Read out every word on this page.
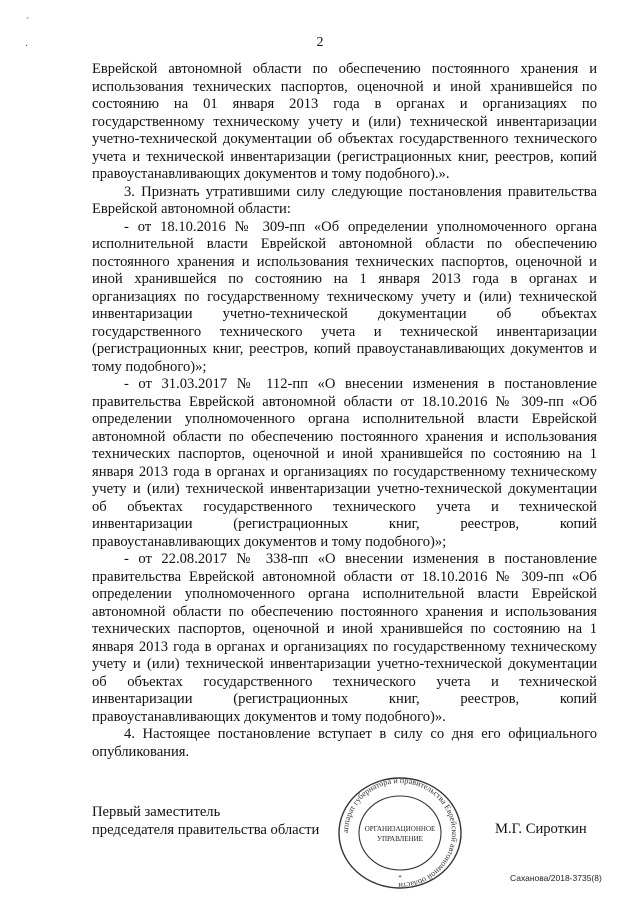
ˊ
·	2

Еврейской автономной области по обеспечению постоянного хранения и использования технических паспортов, оценочной и иной хранившейся по состоянию на 01 января 2013 года в органах и организациях по государственному техническому учету и (или) технической инвентаризации учетно-технической документации об объектах государственного технического учета и технической инвентаризации (регистрационных книг, реестров, копий правоустанавливающих документов и тому подобного).».

3. Признать утратившими силу следующие постановления правительства Еврейской автономной области:

- от 18.10.2016 № 309-пп «Об определении уполномоченного органа исполнительной власти Еврейской автономной области по обеспечению постоянного хранения и использования технических паспортов, оценочной и иной хранившейся по состоянию на 1 января 2013 года в органах и организациях по государственному техническому учету и (или) технической инвентаризации учетно-технической документации об объектах государственного технического учета и технической инвентаризации (регистрационных книг, реестров, копий правоустанавливающих документов и тому подобного)»;

- от 31.03.2017 № 112-пп «О внесении изменения в постановление правительства Еврейской автономной области от 18.10.2016 № 309-пп «Об определении уполномоченного органа исполнительной власти Еврейской автономной области по обеспечению постоянного хранения и использования технических паспортов, оценочной и иной хранившейся по состоянию на 1 января 2013 года в органах и организациях по государственному техническому учету и (или) технической инвентаризации учетно-технической документации об объектах государственного технического учета и технической инвентаризации (регистрационных книг, реестров, копий правоустанавливающих документов и тому подобного)»;

- от 22.08.2017 № 338-пп «О внесении изменения в постановление правительства Еврейской автономной области от 18.10.2016 № 309-пп «Об определении уполномоченного органа исполнительной власти Еврейской автономной области по обеспечению постоянного хранения и использования технических паспортов, оценочной и иной хранившейся по состоянию на 1 января 2013 года в органах и организациях по государственному техническому учету и (или) технической инвентаризации учетно-технической документации об объектах государственного технического учета и технической инвентаризации (регистрационных книг, реестров, копий правоустанавливающих документов и тому подобного)».

4. Настоящее постановление вступает в силу со дня его официального опубликования.

Первый заместитель
председателя правительства области	аппарат губернатора и правительства Еврейской автономной области
ОРГАНИЗАЦИОННОЕ
УПРАВЛЕНИЕ
*
М.Г. Сироткин
Саханова/2018-3735(8)
